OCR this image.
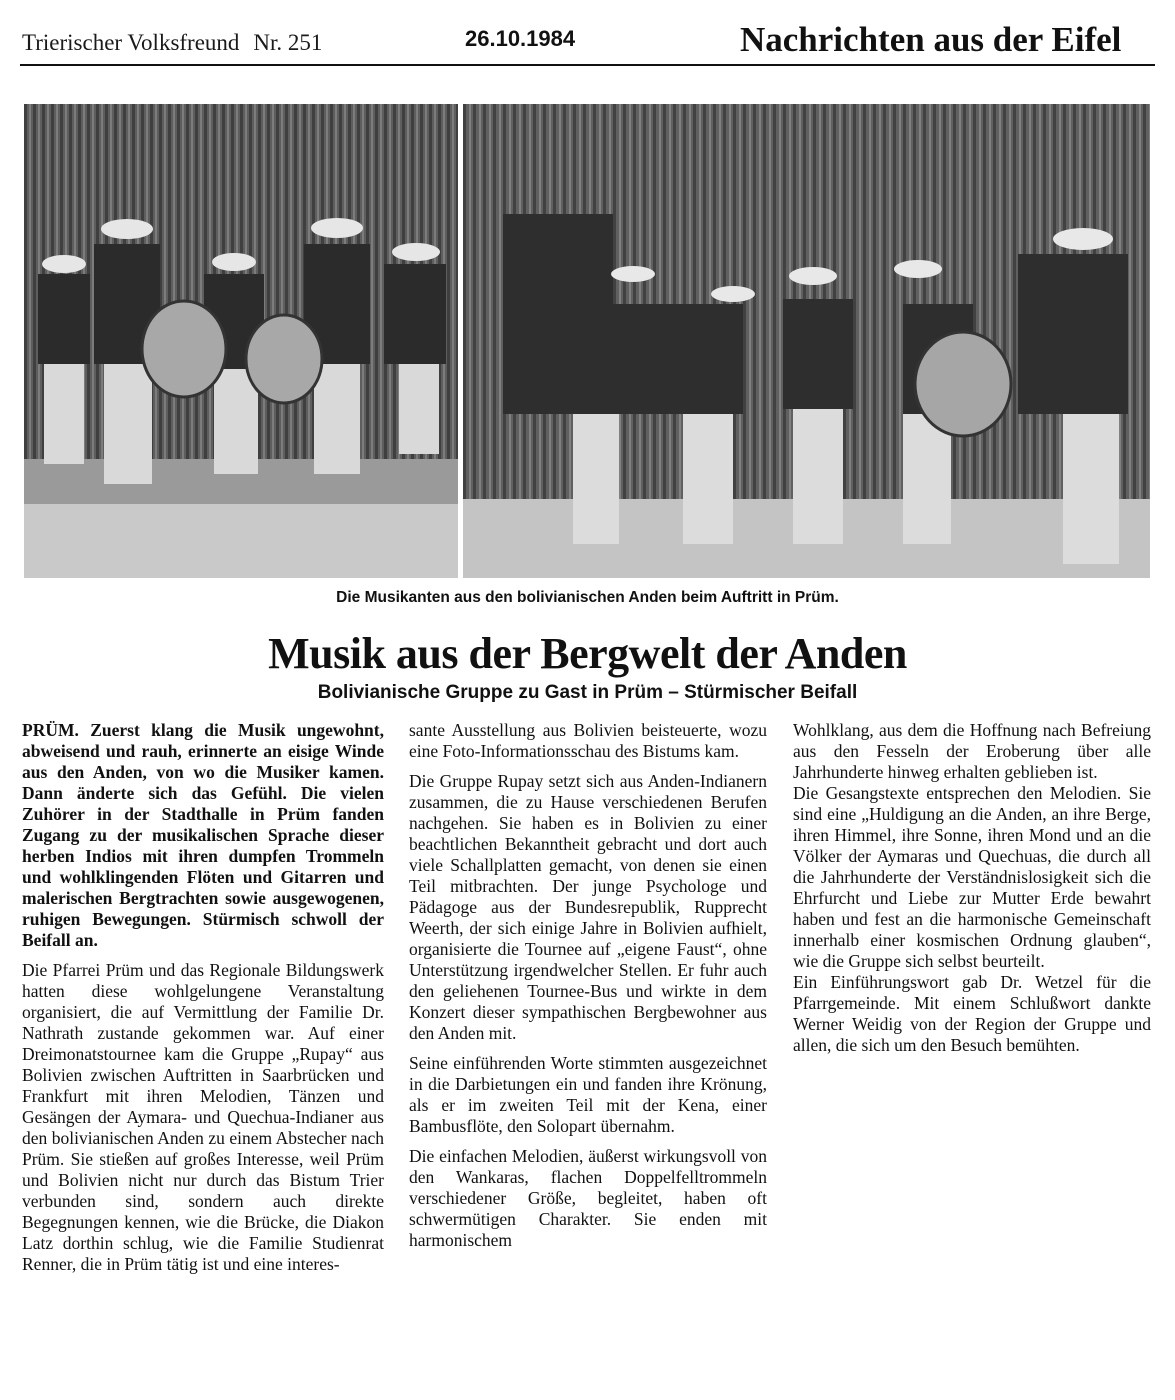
Trierischer Volksfreund Nr. 251	26.10.1984	Nachrichten aus der Eifel
Die Musikanten aus den bolivianischen Anden beim Auftritt in Prüm.
Musik aus der Bergwelt der Anden
Bolivianische Gruppe zu Gast in Prüm – Stürmischer Beifall

PRÜM. Zuerst klang die Musik ungewohnt, abweisend und rauh, erinnerte an eisige Winde aus den Anden, von wo die Musiker kamen. Dann änderte sich das Gefühl. Die vielen Zuhörer in der Stadthalle in Prüm fanden Zugang zu der musikalischen Sprache dieser herben Indios mit ihren dumpfen Trommeln und wohlklingenden Flöten und Gitarren und malerischen Bergtrachten sowie ausgewogenen, ruhigen Bewegungen. Stürmisch schwoll der Beifall an.

Die Pfarrei Prüm und das Regionale Bildungswerk hatten diese wohlgelungene Veranstaltung organisiert, die auf Vermittlung der Familie Dr. Nathrath zustande gekommen war. Auf einer Dreimonatstournee kam die Gruppe „Rupay“ aus Bolivien zwischen Auftritten in Saarbrücken und Frankfurt mit ihren Melodien, Tänzen und Gesängen der Aymara- und Quechua-Indianer aus den bolivianischen Anden zu einem Abstecher nach Prüm. Sie stießen auf großes Interesse, weil Prüm und Bolivien nicht nur durch das Bistum Trier verbunden sind, sondern auch direkte Begegnungen kennen, wie die Brücke, die Diakon Latz dorthin schlug, wie die Familie Studienrat Renner, die in Prüm tätig ist und eine interes-

sante Ausstellung aus Bolivien beisteuerte, wozu eine Foto-Informationsschau des Bistums kam.

Die Gruppe Rupay setzt sich aus Anden-Indianern zusammen, die zu Hause verschiedenen Berufen nachgehen. Sie haben es in Bolivien zu einer beachtlichen Bekanntheit gebracht und dort auch viele Schallplatten gemacht, von denen sie einen Teil mitbrachten. Der junge Psychologe und Pädagoge aus der Bundesrepublik, Rupprecht Weerth, der sich einige Jahre in Bolivien aufhielt, organisierte die Tournee auf „eigene Faust“, ohne Unterstützung irgendwelcher Stellen. Er fuhr auch den geliehenen Tournee-Bus und wirkte in dem Konzert dieser sympathischen Bergbewohner aus den Anden mit.

Seine einführenden Worte stimmten ausgezeichnet in die Darbietungen ein und fanden ihre Krönung, als er im zweiten Teil mit der Kena, einer Bambusflöte, den Solopart übernahm.

Die einfachen Melodien, äußerst wirkungsvoll von den Wankaras, flachen Doppelfelltrommeln verschiedener Größe, begleitet, haben oft schwermütigen Charakter. Sie enden mit harmonischem

Wohlklang, aus dem die Hoffnung nach Befreiung aus den Fesseln der Eroberung über alle Jahrhunderte hinweg erhalten geblieben ist.

Die Gesangstexte entsprechen den Melodien. Sie sind eine „Huldigung an die Anden, an ihre Berge, ihren Himmel, ihre Sonne, ihren Mond und an die Völker der Aymaras und Quechuas, die durch all die Jahrhunderte der Verständnislosigkeit sich die Ehrfurcht und Liebe zur Mutter Erde bewahrt haben und fest an die harmonische Gemeinschaft innerhalb einer kosmischen Ordnung glauben“, wie die Gruppe sich selbst beurteilt.

Ein Einführungswort gab Dr. Wetzel für die Pfarrgemeinde. Mit einem Schlußwort dankte Werner Weidig von der Region der Gruppe und allen, die sich um den Besuch bemühten.
